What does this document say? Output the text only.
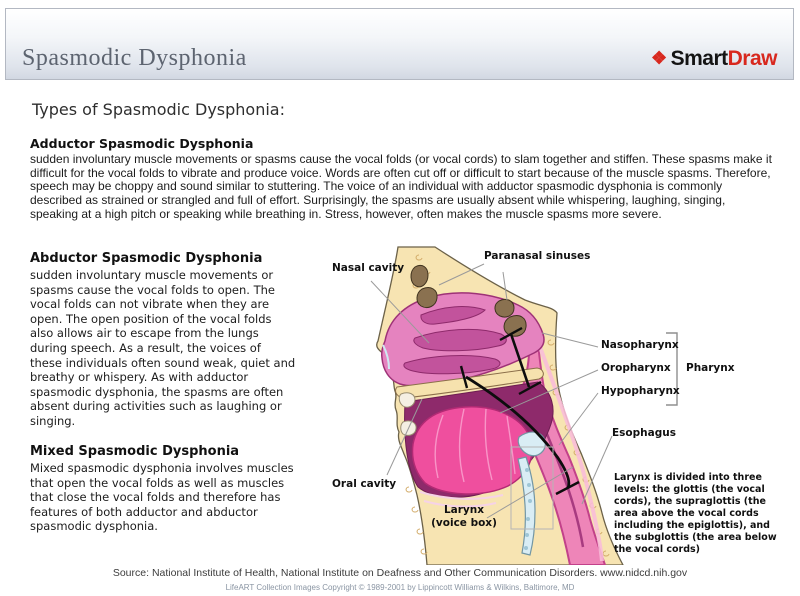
Spasmodic Dysphonia	❖ SmartDraw
Types of Spasmodic Dysphonia:
Adductor Spasmodic Dysphonia

sudden involuntary muscle movements or spasms cause the vocal folds (or vocal cords) to slam together and stiffen. These spasms make it difficult for the vocal folds to vibrate and produce voice. Words are often cut off or difficult to start because of the muscle spasms. Therefore, speech may be choppy and sound similar to stuttering. The voice of an individual with adductor spasmodic dysphonia is commonly described as strained or strangled and full of effort. Surprisingly, the spasms are usually absent while whispering, laughing, singing, speaking at a high pitch or speaking while breathing in. Stress, however, often makes the muscle spasms more severe.

Abductor Spasmodic Dysphonia

sudden involuntary muscle movements or spasms cause the vocal folds to open. The vocal folds can not vibrate when they are open. The open position of the vocal folds also allows air to escape from the lungs during speech. As a result, the voices of these individuals often sound weak, quiet and breathy or whispery. As with adductor spasmodic dysphonia, the spasms are often absent during activities such as laughing or singing.

Mixed Spasmodic Dysphonia

Mixed spasmodic dysphonia involves muscles that open the vocal folds as well as muscles that close the vocal folds and therefore has features of both adductor and abductor spasmodic dysphonia.

Nasal cavity
Paranasal sinuses
Nasopharynx
Oropharynx
Hypopharynx
Pharynx
Esophagus
Oral cavity
Larynx
(voice box)
Larynx is divided into three levels: the glottis (the vocal cords), the supraglottis (the area above the vocal cords including the epiglottis), and the subglottis (the area below the vocal cords)
Source: National Institute of Health, National Institute on Deafness and Other Communication Disorders. www.nidcd.nih.gov
LifeART Collection Images Copyright © 1989-2001 by Lippincott Williams & Wilkins, Baltimore, MD
